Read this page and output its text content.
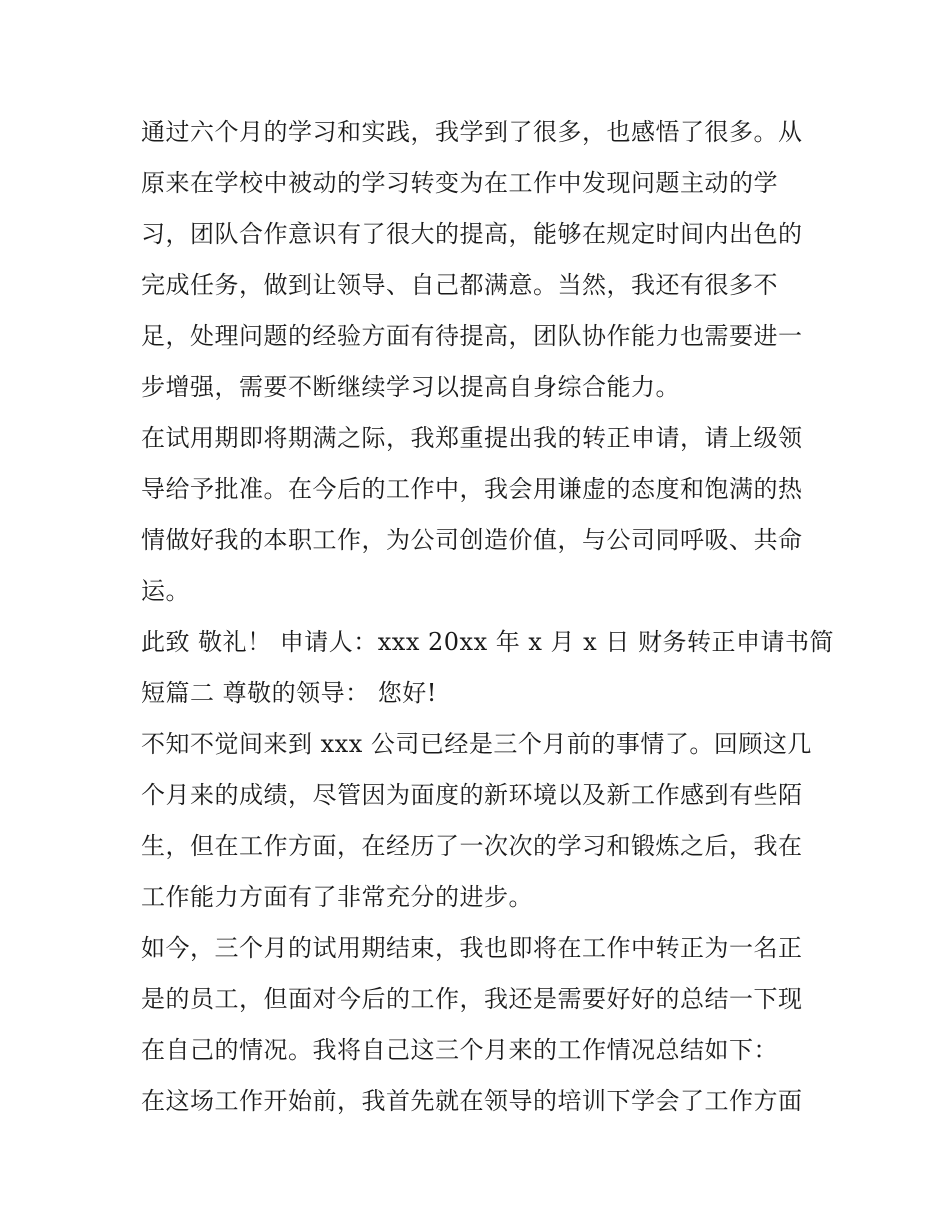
通过六个月的学习和实践，我学到了很多，也感悟了很多。从
原来在学校中被动的学习转变为在工作中发现问题主动的学
习，团队合作意识有了很大的提高，能够在规定时间内出色的
完成任务，做到让领导、自己都满意。当然，我还有很多不
足，处理问题的经验方面有待提高，团队协作能力也需要进一
步增强，需要不断继续学习以提高自身综合能力。
在试用期即将期满之际，我郑重提出我的转正申请，请上级领
导给予批准。在今后的工作中，我会用谦虚的态度和饱满的热
情做好我的本职工作，为公司创造价值，与公司同呼吸、共命
运。
此致 敬礼！ 申请人：xxx 20xx 年 x 月 x 日 财务转正申请书简
短篇二 尊敬的领导： 您好!
不知不觉间来到 xxx 公司已经是三个月前的事情了。回顾这几
个月来的成绩，尽管因为面度的新环境以及新工作感到有些陌
生，但在工作方面，在经历了一次次的学习和锻炼之后，我在
工作能力方面有了非常充分的进步。
如今，三个月的试用期结束，我也即将在工作中转正为一名正
是的员工，但面对今后的工作，我还是需要好好的总结一下现
在自己的情况。我将自己这三个月来的工作情况总结如下：
在这场工作开始前，我首先就在领导的培训下学会了工作方面
